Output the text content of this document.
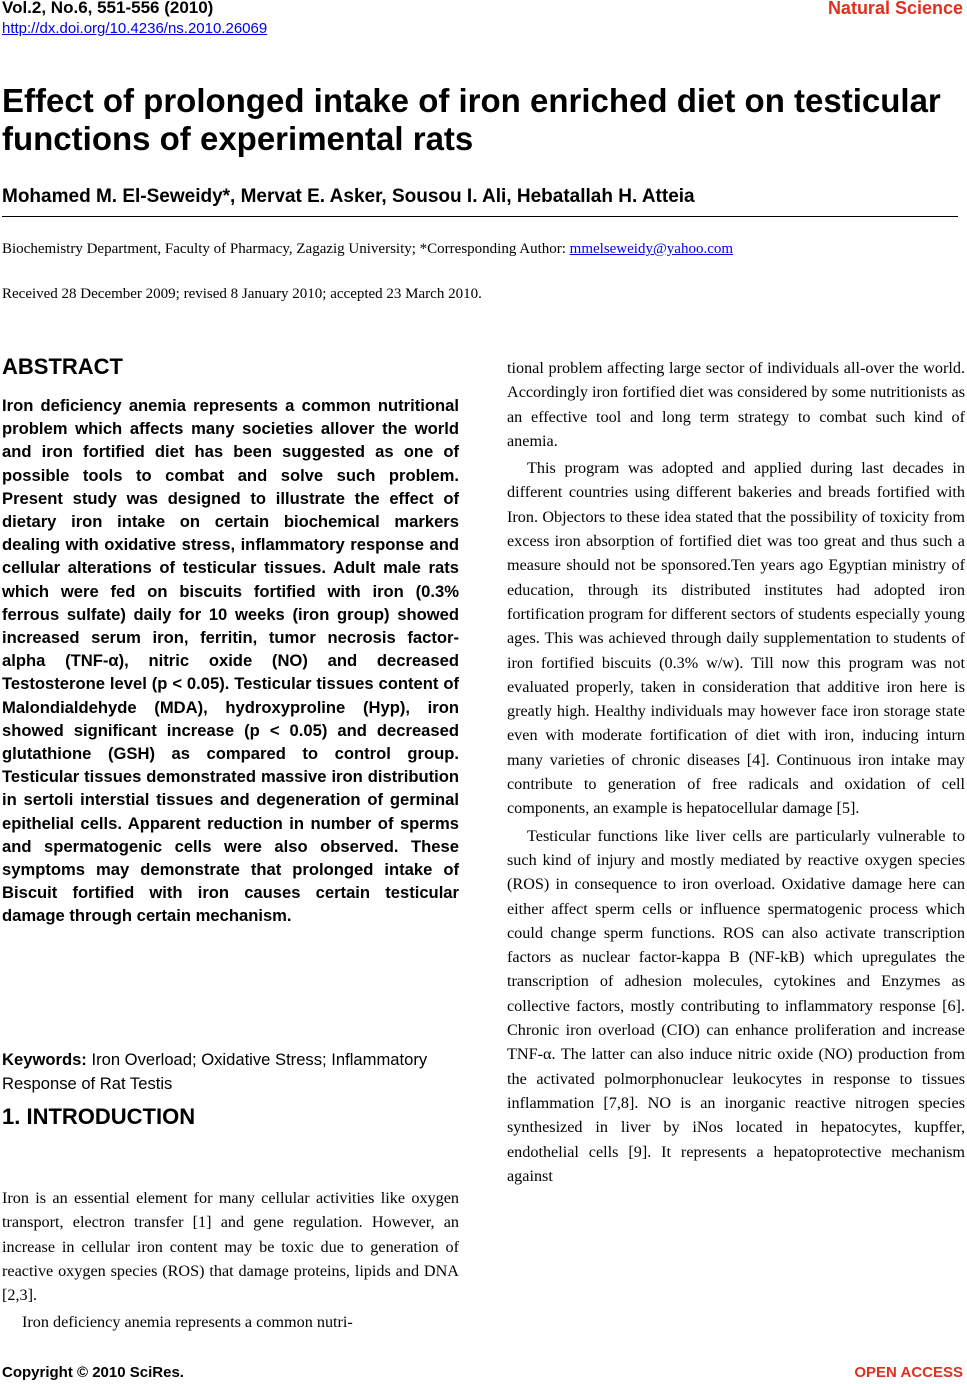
Vol.2, No.6, 551-556 (2010)
http://dx.doi.org/10.4236/ns.2010.26069
Natural Science
Effect of prolonged intake of iron enriched diet on testicular functions of experimental rats
Mohamed M. El-Seweidy*, Mervat E. Asker, Sousou I. Ali, Hebatallah H. Atteia
Biochemistry Department, Faculty of Pharmacy, Zagazig University; *Corresponding Author: mmelseweidy@yahoo.com
Received 28 December 2009; revised 8 January 2010; accepted 23 March 2010.
ABSTRACT

Iron deficiency anemia represents a common nutritional problem which affects many societies allover the world and iron fortified diet has been suggested as one of possible tools to combat and solve such problem. Present study was designed to illustrate the effect of dietary iron intake on certain biochemical markers dealing with oxidative stress, inflammatory response and cellular alterations of testicular tissues. Adult male rats which were fed on biscuits fortified with iron (0.3% ferrous sulfate) daily for 10 weeks (iron group) showed increased serum iron, ferritin, tumor necrosis factor-alpha (TNF-α), nitric oxide (NO) and decreased Testosterone level (p < 0.05). Testicular tissues content of Malondialdehyde (MDA), hydroxyproline (Hyp), iron showed significant increase (p < 0.05) and decreased glutathione (GSH) as compared to control group. Testicular tissues demonstrated massive iron distribution in sertoli interstial tissues and degeneration of germinal epithelial cells. Apparent reduction in number of sperms and spermatogenic cells were also observed. These symptoms may demonstrate that prolonged intake of Biscuit fortified with iron causes certain testicular damage through certain mechanism.

Keywords: Iron Overload; Oxidative Stress; Inflammatory Response of Rat Testis

1. INTRODUCTION

Iron is an essential element for many cellular activities like oxygen transport, electron transfer [1] and gene regulation. However, an increase in cellular iron content may be toxic due to generation of reactive oxygen species (ROS) that damage proteins, lipids and DNA [2,3].

Iron deficiency anemia represents a common nutri-

tional problem affecting large sector of individuals all-over the world. Accordingly iron fortified diet was considered by some nutritionists as an effective tool and long term strategy to combat such kind of anemia.

This program was adopted and applied during last decades in different countries using different bakeries and breads fortified with Iron. Objectors to these idea stated that the possibility of toxicity from excess iron absorption of fortified diet was too great and thus such a measure should not be sponsored.Ten years ago Egyptian ministry of education, through its distributed institutes had adopted iron fortification program for different sectors of students especially young ages. This was achieved through daily supplementation to students of iron fortified biscuits (0.3% w/w). Till now this program was not evaluated properly, taken in consideration that additive iron here is greatly high. Healthy individuals may however face iron storage state even with moderate fortification of diet with iron, inducing inturn many varieties of chronic diseases [4]. Continuous iron intake may contribute to generation of free radicals and oxidation of cell components, an example is hepatocellular damage [5].

Testicular functions like liver cells are particularly vulnerable to such kind of injury and mostly mediated by reactive oxygen species (ROS) in consequence to iron overload. Oxidative damage here can either affect sperm cells or influence spermatogenic process which could change sperm functions. ROS can also activate transcription factors as nuclear factor-kappa B (NF-kB) which upregulates the transcription of adhesion molecules, cytokines and Enzymes as collective factors, mostly contributing to inflammatory response [6]. Chronic iron overload (CIO) can enhance proliferation and increase TNF-α. The latter can also induce nitric oxide (NO) production from the activated polmorphonuclear leukocytes in response to tissues inflammation [7,8]. NO is an inorganic reactive nitrogen species synthesized in liver by iNos located in hepatocytes, kupffer, endothelial cells [9]. It represents a hepatoprotective mechanism against

Copyright © 2010 SciRes.	OPEN ACCESS
